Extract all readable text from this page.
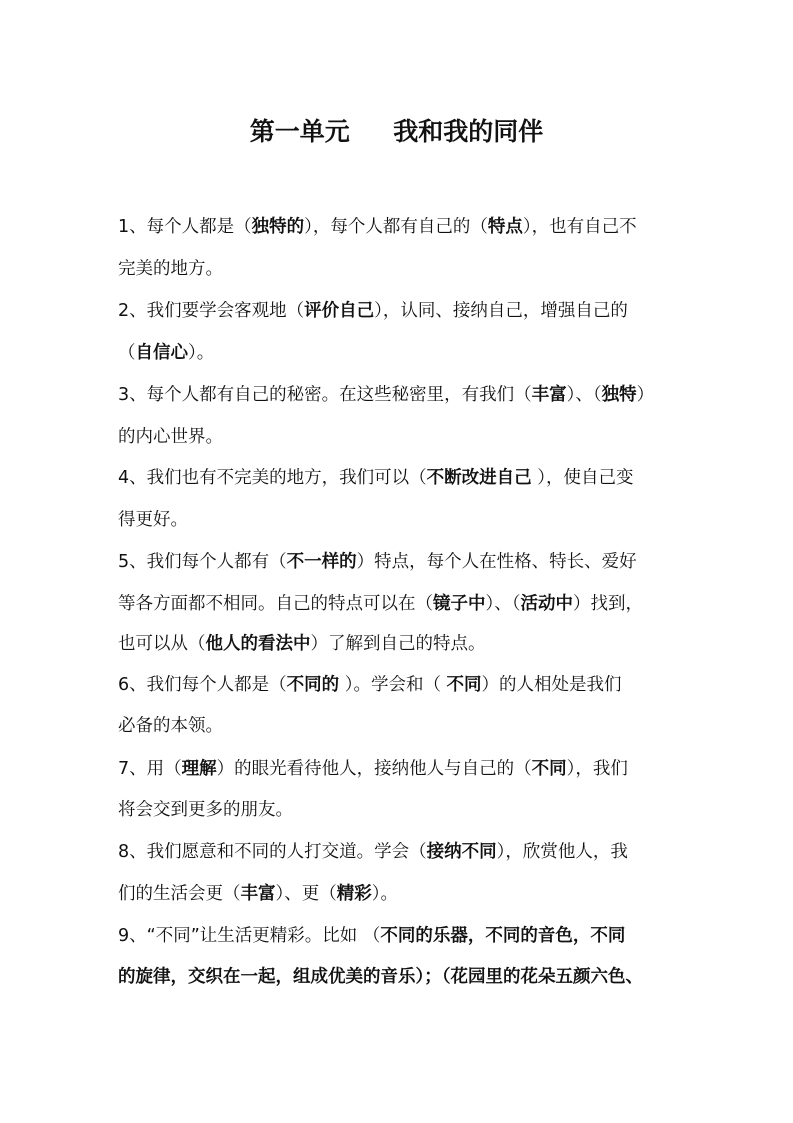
第一单元     我和我的同伴
1、每个人都是（独特的），每个人都有自己的（特点），也有自己不
完美的地方。
2、我们要学会客观地（评价自己），认同、接纳自己，增强自己的
（自信心）。
3、每个人都有自己的秘密。在这些秘密里，有我们（丰富）、（独特）
的内心世界。
4、我们也有不完美的地方，我们可以（不断改进自己 ），使自己变
得更好。
5、我们每个人都有（不一样的）特点，每个人在性格、特长、爱好
等各方面都不相同。自己的特点可以在（镜子中）、（活动中）找到，
也可以从（他人的看法中）了解到自己的特点。
6、我们每个人都是（不同的 ）。学会和（ 不同）的人相处是我们
必备的本领。
7、用（理解）的眼光看待他人，接纳他人与自己的（不同），我们
将会交到更多的朋友。
8、我们愿意和不同的人打交道。学会（接纳不同），欣赏他人，我
们的生活会更（丰富）、更（精彩）。
9、“不同”让生活更精彩。比如 （不同的乐器，不同的音色，不同
的旋律，交织在一起，组成优美的音乐）；（花园里的花朵五颜六色、
